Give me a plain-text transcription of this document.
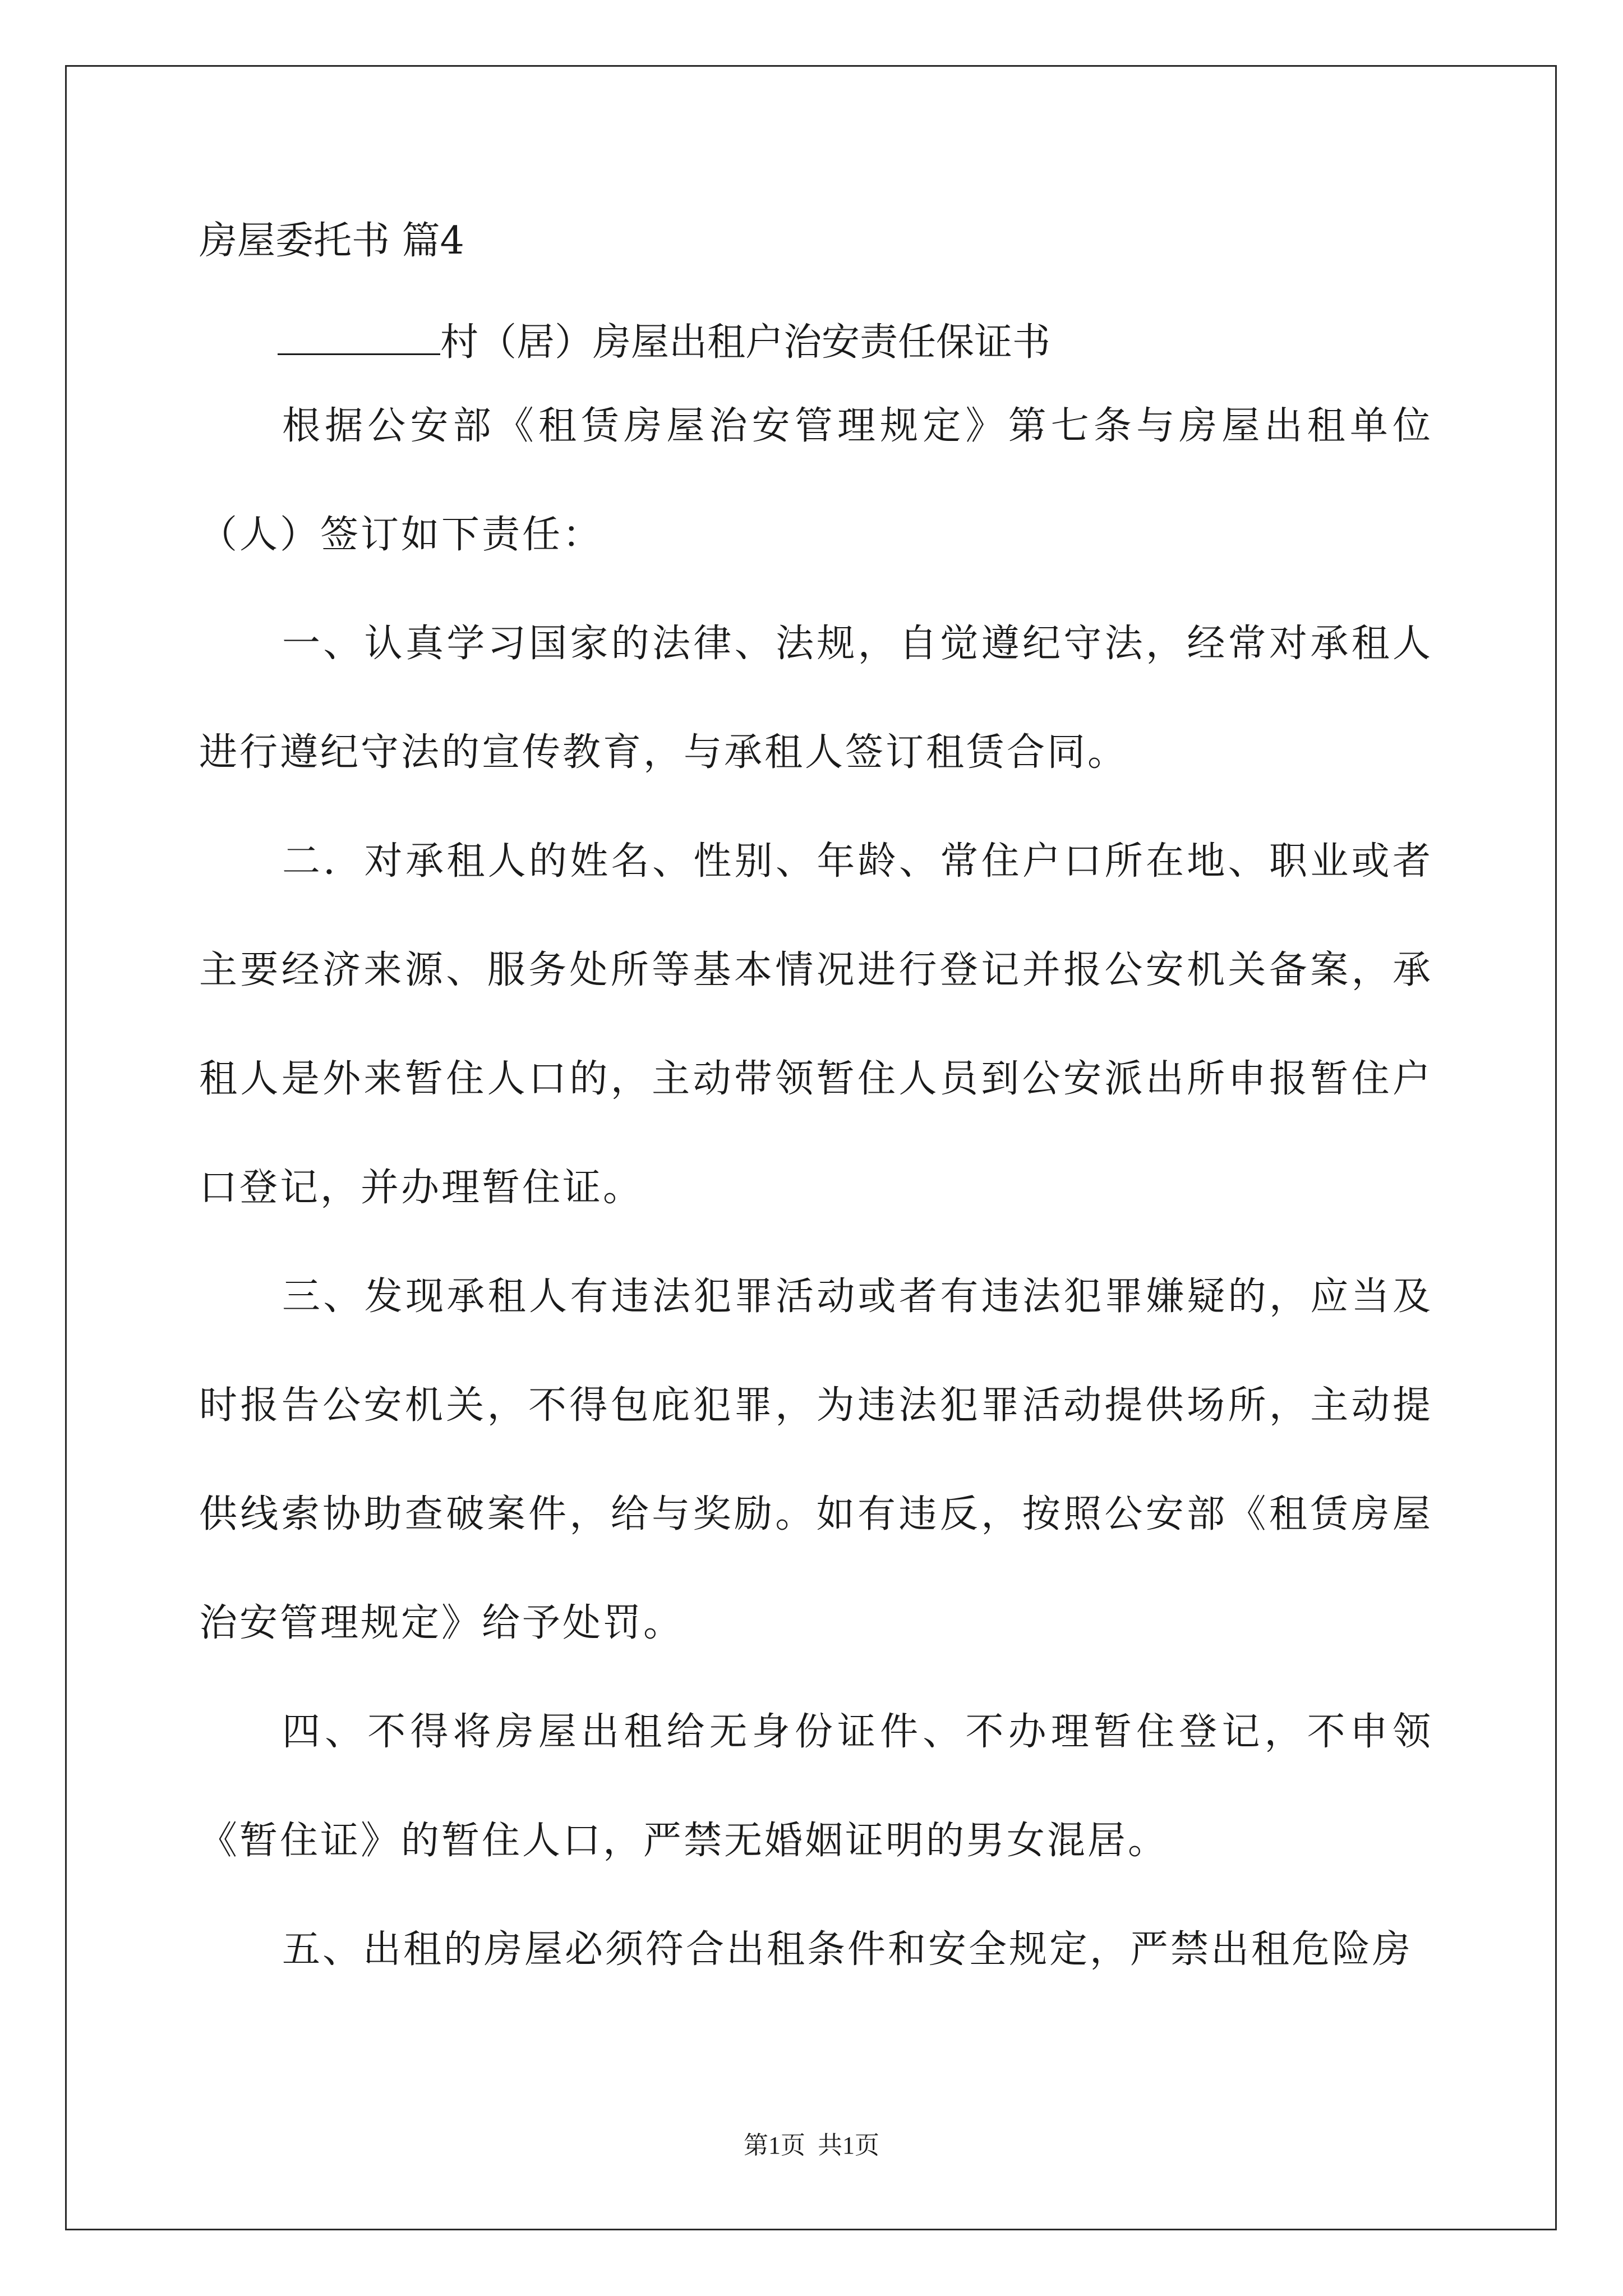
房屋委托书 篇4

村（居）房屋出租户治安责任保证书

根据公安部《租赁房屋治安管理规定》第七条与房屋出租单位（人）签订如下责任：

一、认真学习国家的法律、法规，自觉遵纪守法，经常对承租人进行遵纪守法的宣传教育，与承租人签订租赁合同。

二．对承租人的姓名、性别、年龄、常住户口所在地、职业或者主要经济来源、服务处所等基本情况进行登记并报公安机关备案，承租人是外来暂住人口的，主动带领暂住人员到公安派出所申报暂住户口登记，并办理暂住证。

三、发现承租人有违法犯罪活动或者有违法犯罪嫌疑的，应当及时报告公安机关，不得包庇犯罪，为违法犯罪活动提供场所，主动提供线索协助查破案件，给与奖励。如有违反，按照公安部《租赁房屋治安管理规定》给予处罚。

四、不得将房屋出租给无身份证件、不办理暂住登记，不申领《暂住证》的暂住人口，严禁无婚姻证明的男女混居。

五、出租的房屋必须符合出租条件和安全规定，严禁出租危险房

第1页  共1页
